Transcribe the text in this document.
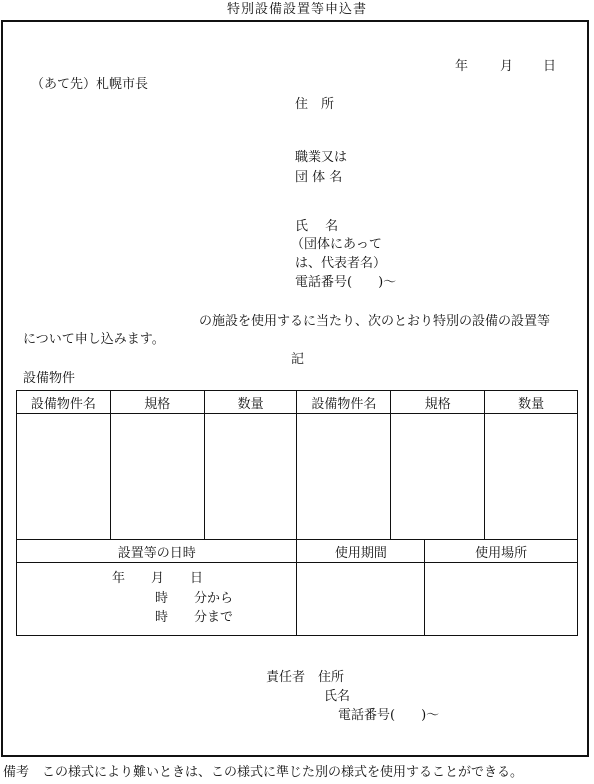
特別設備設置等申込書
年 月 日
（あて先）札幌市長
住　所
職業又は
団 体 名
氏　 名
（団体にあって
は、代表者名）
電話番号(　　)～
の施設を使用するに当たり、次のとおり特別の設備の設置等
について申し込みます。
記
設備物件
設備物件名	規格	数量	設備物件名	規格	数量

設置等の日時	使用期間	使用場所

年　　月　　日
時　　分から
時　　分まで		

責任者　住所
氏名
電話番号(　　)～
備考　この様式により難いときは、この様式に準じた別の様式を使用することができる。
